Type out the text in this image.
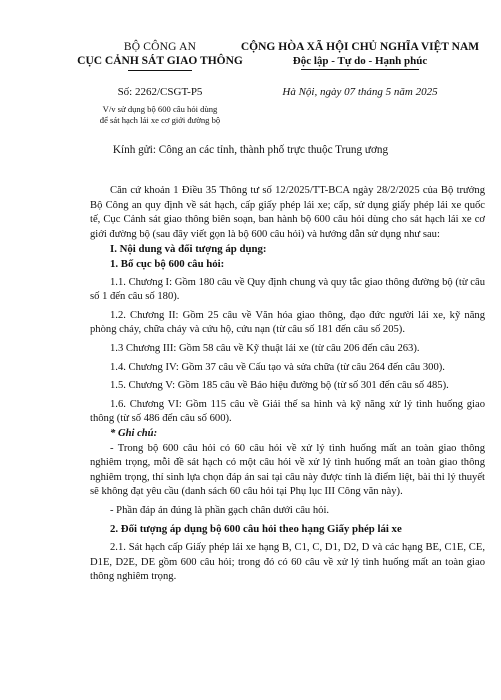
BỘ CÔNG AN
CỤC CẢNH SÁT GIAO THÔNG
CỘNG HÒA XÃ HỘI CHỦ NGHĨA VIỆT NAM
Độc lập - Tự do - Hạnh phúc
Số: 2262/CSGT-P5
V/v sử dụng bộ 600 câu hỏi dùng
để sát hạch lái xe cơ giới đường bộ
Hà Nội, ngày 07 tháng 5 năm 2025
Kính gửi: Công an các tỉnh, thành phố trực thuộc Trung ương

Căn cứ khoản 1 Điều 35 Thông tư số 12/2025/TT-BCA ngày 28/2/2025 của Bộ trưởng Bộ Công an quy định về sát hạch, cấp giấy phép lái xe; cấp, sử dụng giấy phép lái xe quốc tế, Cục Cảnh sát giao thông biên soạn, ban hành bộ 600 câu hỏi dùng cho sát hạch lái xe cơ giới đường bộ (sau đây viết gọn là bộ 600 câu hỏi) và hướng dẫn sử dụng như sau:

I. Nội dung và đối tượng áp dụng:

1. Bố cục bộ 600 câu hỏi:

1.1. Chương I: Gồm 180 câu về Quy định chung và quy tắc giao thông đường bộ (từ câu số 1 đến câu số 180).

1.2. Chương II: Gồm 25 câu về Văn hóa giao thông, đạo đức người lái xe, kỹ năng phòng cháy, chữa cháy và cứu hộ, cứu nạn (từ câu số 181 đến câu số 205).

1.3 Chương III: Gồm 58 câu về Kỹ thuật lái xe (từ câu 206 đến câu 263).

1.4. Chương IV: Gồm 37 câu về Cấu tạo và sửa chữa (từ câu 264 đến câu 300).

1.5. Chương V: Gồm 185 câu về Báo hiệu đường bộ (từ số 301 đến câu số 485).

1.6. Chương VI: Gồm 115 câu về Giải thế sa hình và kỹ năng xử lý tình huống giao thông (từ số 486 đến câu số 600).

* Ghi chú:

- Trong bộ 600 câu hỏi có 60 câu hỏi về xử lý tình huống mất an toàn giao thông nghiêm trọng, mỗi đề sát hạch có một câu hỏi về xử lý tình huống mất an toàn giao thông nghiêm trọng, thí sinh lựa chọn đáp án sai tại câu này được tính là điểm liệt, bài thi lý thuyết sẽ không đạt yêu cầu (danh sách 60 câu hỏi tại Phụ lục III Công văn này).

- Phần đáp án đúng là phần gạch chân dưới câu hỏi.

2. Đối tượng áp dụng bộ 600 câu hỏi theo hạng Giấy phép lái xe

2.1. Sát hạch cấp Giấy phép lái xe hạng B, C1, C, D1, D2, D và các hạng BE, C1E, CE, D1E, D2E, DE gồm 600 câu hỏi; trong đó có 60 câu về xử lý tình huống mất an toàn giao thông nghiêm trọng.
